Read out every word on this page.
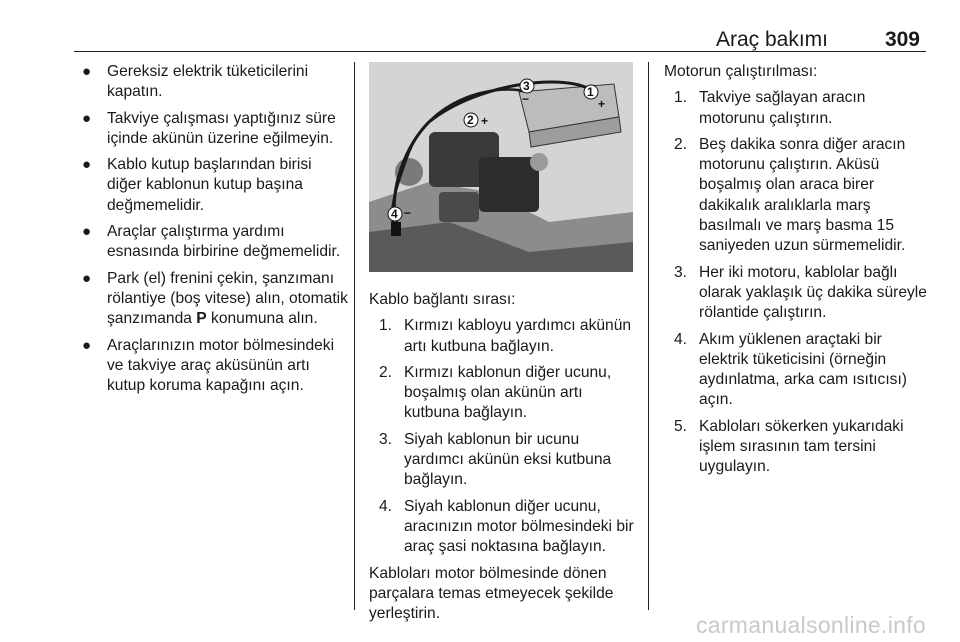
Araç bakımı	309
● Gereksiz elektrik tüketicilerini kapatın.
● Takviye çalışması yaptığınız süre içinde akünün üzerine eğilmeyin.
● Kablo kutup başlarından birisi diğer kablonun kutup başına değmemelidir.
● Araçlar çalıştırma yardımı esnasında birbirine değmemelidir.
● Park (el) frenini çekin, şanzımanı rölantiye (boş vitese) alın, otomatik şanzımanda P konumuna alın.
● Araçlarınızın motor bölmesindeki ve takviye araç aküsünün artı kutup koruma kapağını açın.
1
+
2 +
3
−
4 −

Kablo bağlantı sırası:

1. Kırmızı kabloyu yardımcı akünün artı kutbuna bağlayın.
2. Kırmızı kablonun diğer ucunu, boşalmış olan akünün artı kutbuna bağlayın.
3. Siyah kablonun bir ucunu yardımcı akünün eksi kutbuna bağlayın.
4. Siyah kablonun diğer ucunu, aracınızın motor bölmesindeki bir araç şasi noktasına bağlayın.

Kabloları motor bölmesinde dönen parçalara temas etmeyecek şekilde yerleştirin.

Motorun çalıştırılması:

1. Takviye sağlayan aracın motorunu çalıştırın.
2. Beş dakika sonra diğer aracın motorunu çalıştırın. Aküsü boşalmış olan araca birer dakikalık aralıklarla marş basılmalı ve marş basma 15 saniyeden uzun sürmemelidir.
3. Her iki motoru, kablolar bağlı olarak yaklaşık üç dakika süreyle rölantide çalıştırın.
4. Akım yüklenen araçtaki bir elektrik tüketicisini (örneğin aydınlatma, arka cam ısıtıcısı) açın.
5. Kabloları sökerken yukarıdaki işlem sırasının tam tersini uygulayın.
carmanualsonline.info
